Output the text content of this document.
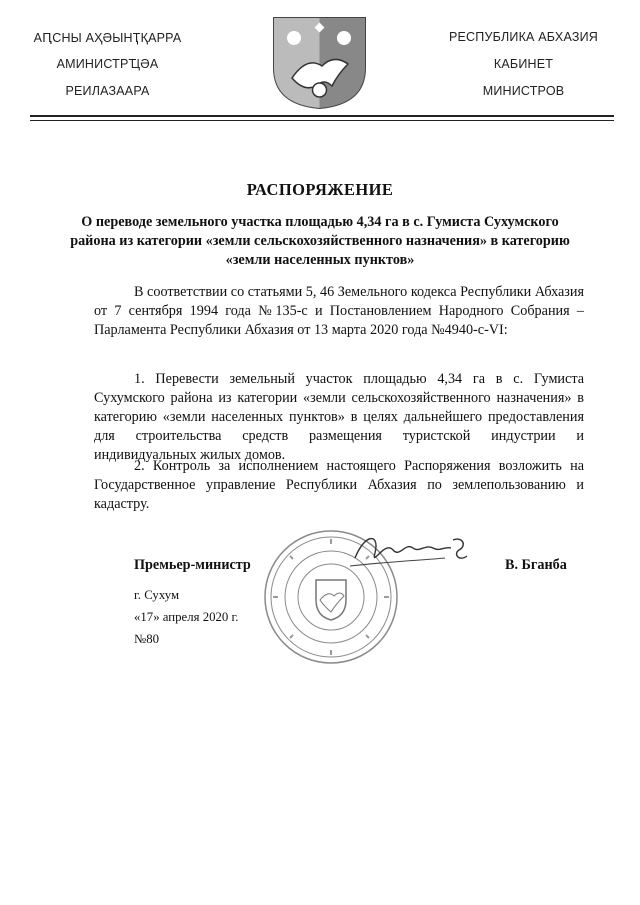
АԤСНЫ АҲӘЫНҬҚАРРА
АМИНИСТРҴӘА
РЕИЛАЗААРА
РЕСПУБЛИКА АБХАЗИЯ
КАБИНЕТ
МИНИСТРОВ
РАСПОРЯЖЕНИЕ
О переводе земельного участка площадью 4,34 га в с. Гумиста Сухумского района из категории «земли сельскохозяйственного назначения» в категорию «земли населенных пунктов»

В соответствии со статьями 5, 46 Земельного кодекса Республики Абхазия от 7 сентября 1994 года №135-с и Постановлением Народного Собрания – Парламента Республики Абхазия от 13 марта 2020 года №4940-с-VI:

1. Перевести земельный участок площадью 4,34 га в с. Гумиста Сухумского района из категории «земли сельскохозяйственного назначения» в категорию «земли населенных пунктов» в целях дальнейшего предоставления для строительства средств размещения туристской индустрии и индивидуальных жилых домов.

2. Контроль за исполнением настоящего Распоряжения возложить на Государственное управление Республики Абхазия по землепользованию и кадастру.

Премьер-министр	В. Бганба
г. Сухум
«17» апреля 2020 г.
№80
